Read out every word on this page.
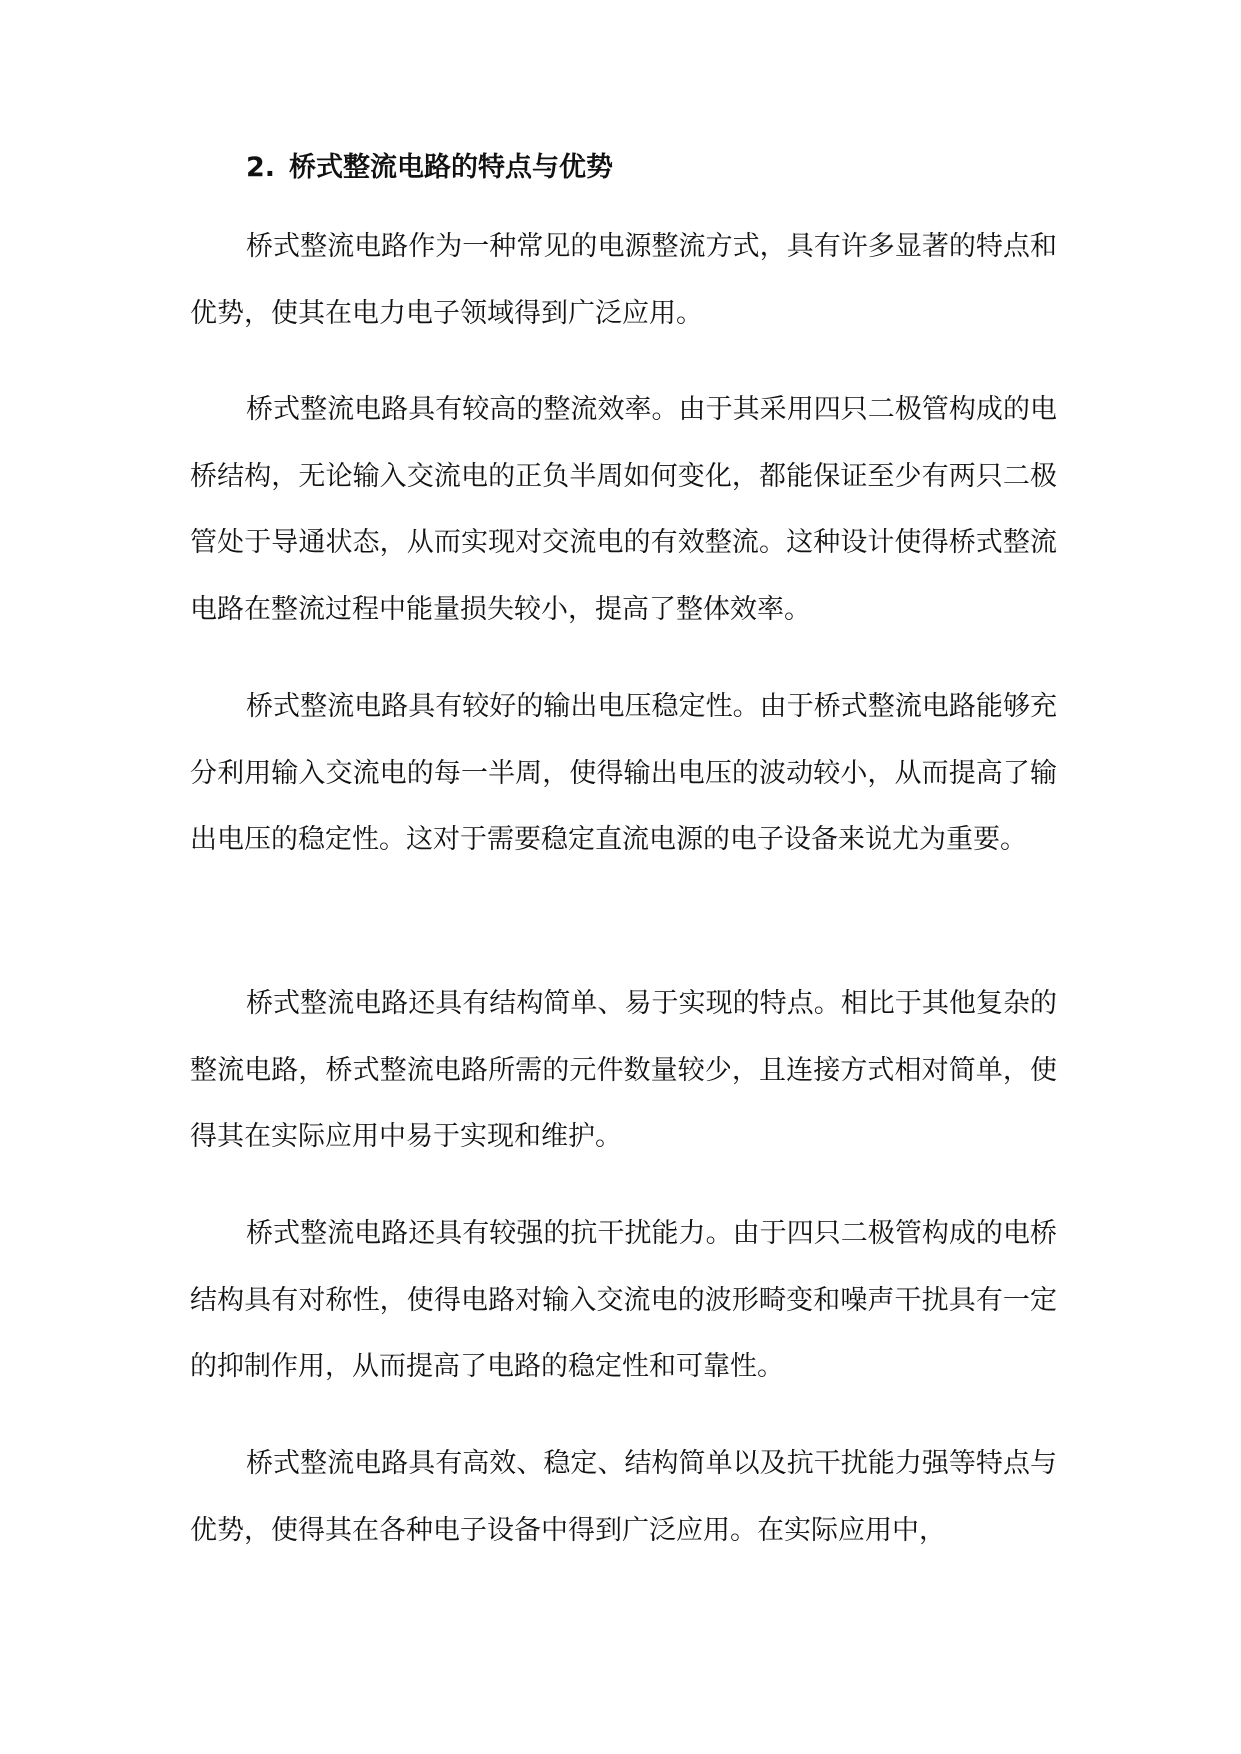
2. 桥式整流电路的特点与优势

桥式整流电路作为一种常见的电源整流方式，具有许多显著的特点和优势，使其在电力电子领域得到广泛应用。

桥式整流电路具有较高的整流效率。由于其采用四只二极管构成的电桥结构，无论输入交流电的正负半周如何变化，都能保证至少有两只二极管处于导通状态，从而实现对交流电的有效整流。这种设计使得桥式整流电路在整流过程中能量损失较小，提高了整体效率。

桥式整流电路具有较好的输出电压稳定性。由于桥式整流电路能够充分利用输入交流电的每一半周，使得输出电压的波动较小，从而提高了输出电压的稳定性。这对于需要稳定直流电源的电子设备来说尤为重要。

桥式整流电路还具有结构简单、易于实现的特点。相比于其他复杂的整流电路，桥式整流电路所需的元件数量较少，且连接方式相对简单，使得其在实际应用中易于实现和维护。

桥式整流电路还具有较强的抗干扰能力。由于四只二极管构成的电桥结构具有对称性，使得电路对输入交流电的波形畸变和噪声干扰具有一定的抑制作用，从而提高了电路的稳定性和可靠性。

桥式整流电路具有高效、稳定、结构简单以及抗干扰能力强等特点与优势，使得其在各种电子设备中得到广泛应用。在实际应用中，
